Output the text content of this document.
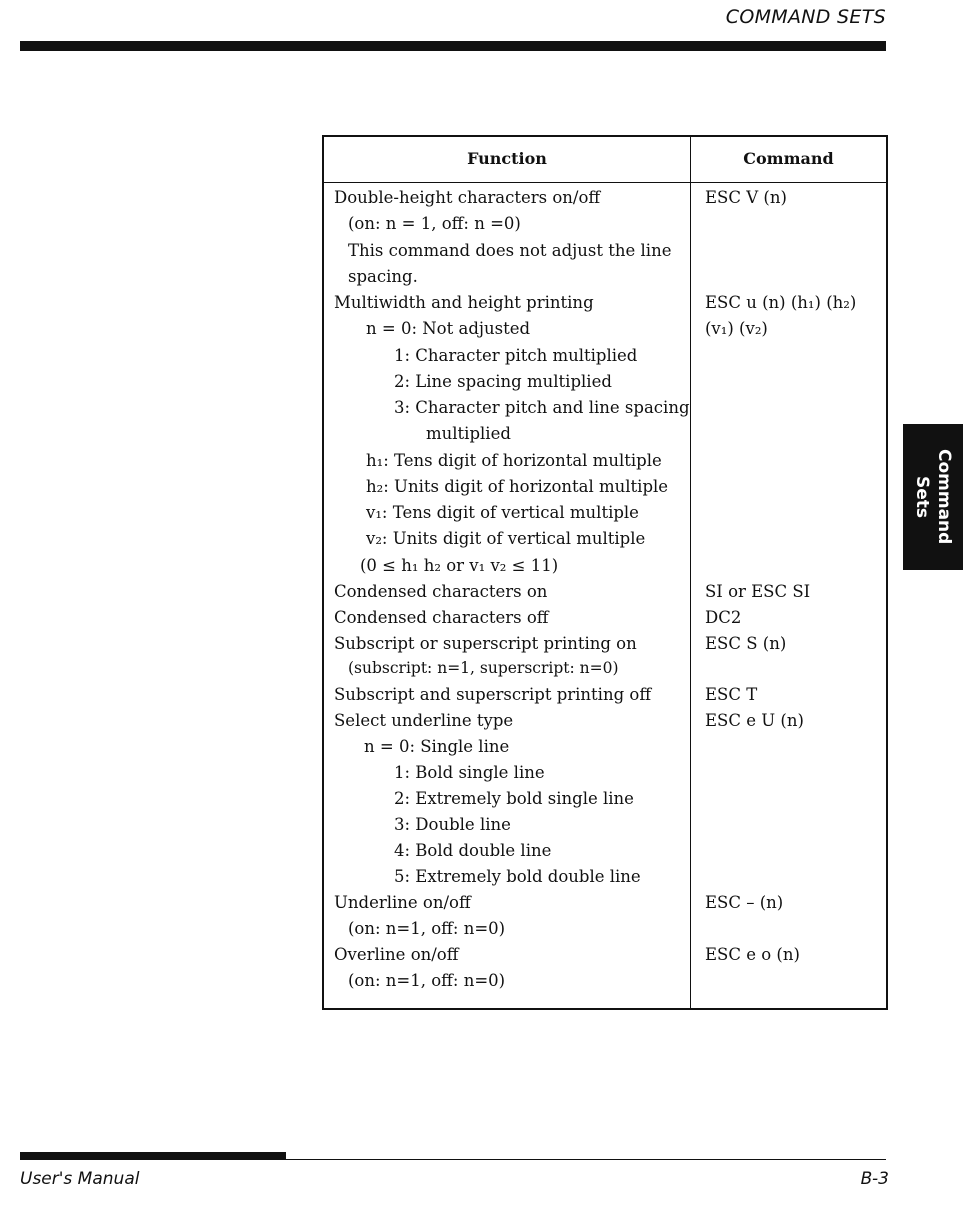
COMMAND SETS
Command
Sets
Function	Command
Double-height characters on/off
(on: n = 1, off: n =0)
This command does not adjust the line
spacing.
Multiwidth and height printing
n = 0: Not adjusted
1: Character pitch multiplied
2: Line spacing multiplied
3: Character pitch and line spacing
multiplied
h₁: Tens digit of horizontal multiple
h₂: Units digit of horizontal multiple
v₁: Tens digit of vertical multiple
v₂: Units digit of vertical multiple
(0 ≤ h₁ h₂ or v₁ v₂ ≤ 11)
Condensed characters on
Condensed characters off
Subscript or superscript printing on
(subscript: n=1, superscript: n=0)
Subscript and superscript printing off
Select underline type
n = 0: Single line
1: Bold single line
2: Extremely bold single line
3: Double line
4: Bold double line
5: Extremely bold double line
Underline on/off
(on: n=1, off: n=0)
Overline on/off
(on: n=1, off: n=0)
ESC V (n)
ESC u (n) (h₁) (h₂)
(v₁) (v₂)
SI or ESC SI
DC2
ESC S (n)
ESC T
ESC e U (n)
ESC – (n)
ESC e o (n)
User's Manual	B-3
